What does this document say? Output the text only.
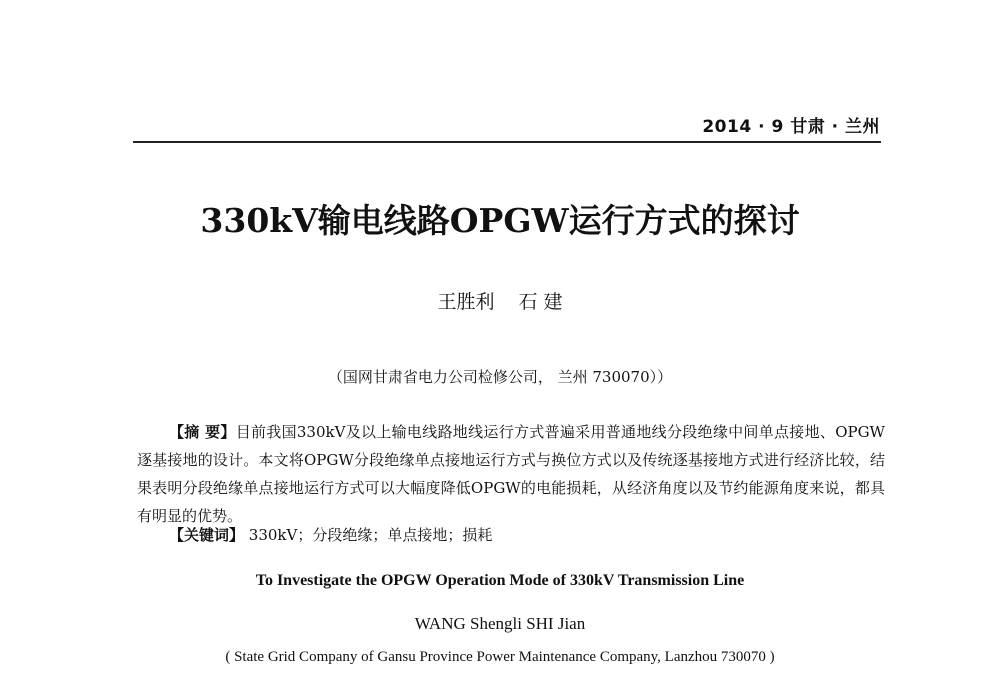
2014 · 9 甘肃 · 兰州
330kV输电线路OPGW运行方式的探讨
王胜利 石 建
（国网甘肃省电力公司检修公司， 兰州 730070））
【摘 要】目前我国330kV及以上输电线路地线运行方式普遍采用普通地线分段绝缘中间单点接地、OPGW逐基接地的设计。本文将OPGW分段绝缘单点接地运行方式与换位方式以及传统逐基接地方式进行经济比较，结果表明分段绝缘单点接地运行方式可以大幅度降低OPGW的电能损耗，从经济角度以及节约能源角度来说，都具有明显的优势。
【关键词】 330kV；分段绝缘；单点接地；损耗
To Investigate the OPGW Operation Mode of 330kV Transmission Line
WANG Shengli SHI Jian
( State Grid Company of Gansu Province Power Maintenance Company, Lanzhou 730070 )
